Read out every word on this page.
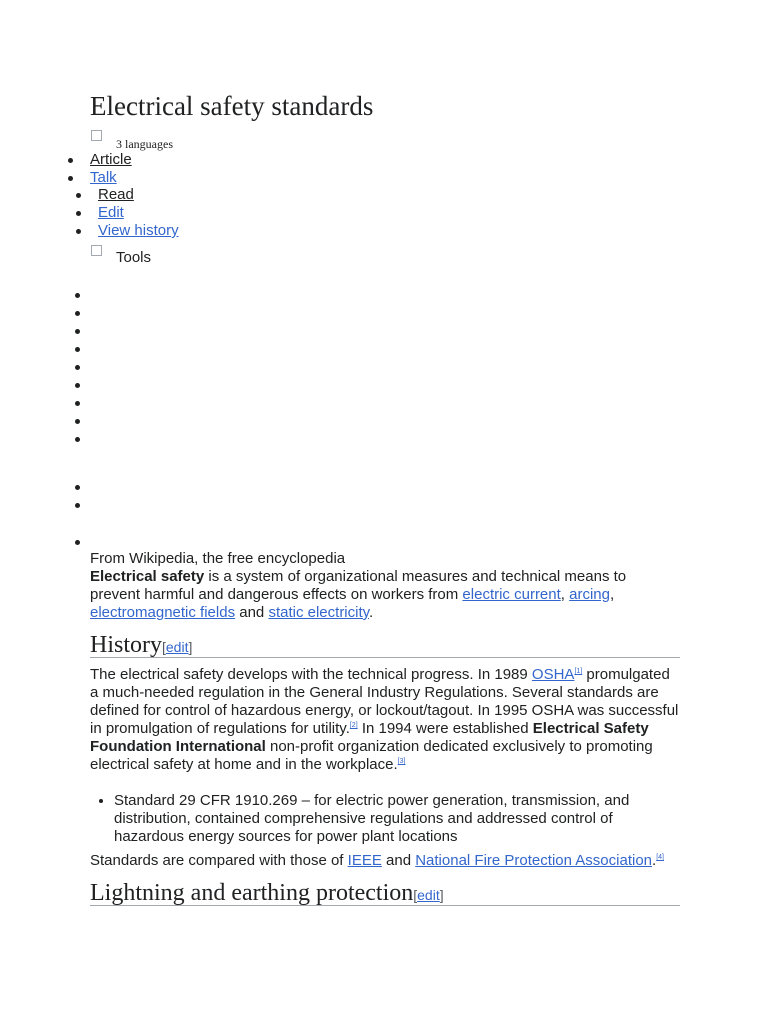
Electrical safety standards
3 languages
Article
Talk
Read
Edit
View history
Tools

From Wikipedia, the free encyclopedia

Electrical safety is a system of organizational measures and technical means to prevent harmful and dangerous effects on workers from electric current, arcing, electromagnetic fields and static electricity.

History[edit]

The electrical safety develops with the technical progress. In 1989 OSHA[1] promulgated a much-needed regulation in the General Industry Regulations. Several standards are defined for control of hazardous energy, or lockout/tagout. In 1995 OSHA was successful in promulgation of regulations for utility.[2] In 1994 were established Electrical Safety Foundation International non-profit organization dedicated exclusively to promoting electrical safety at home and in the workplace.[3]

• Standard 29 CFR 1910.269 – for electric power generation, transmission, and distribution, contained comprehensive regulations and addressed control of hazardous energy sources for power plant locations

Standards are compared with those of IEEE and National Fire Protection Association.[4]

Lightning and earthing protection[edit]
